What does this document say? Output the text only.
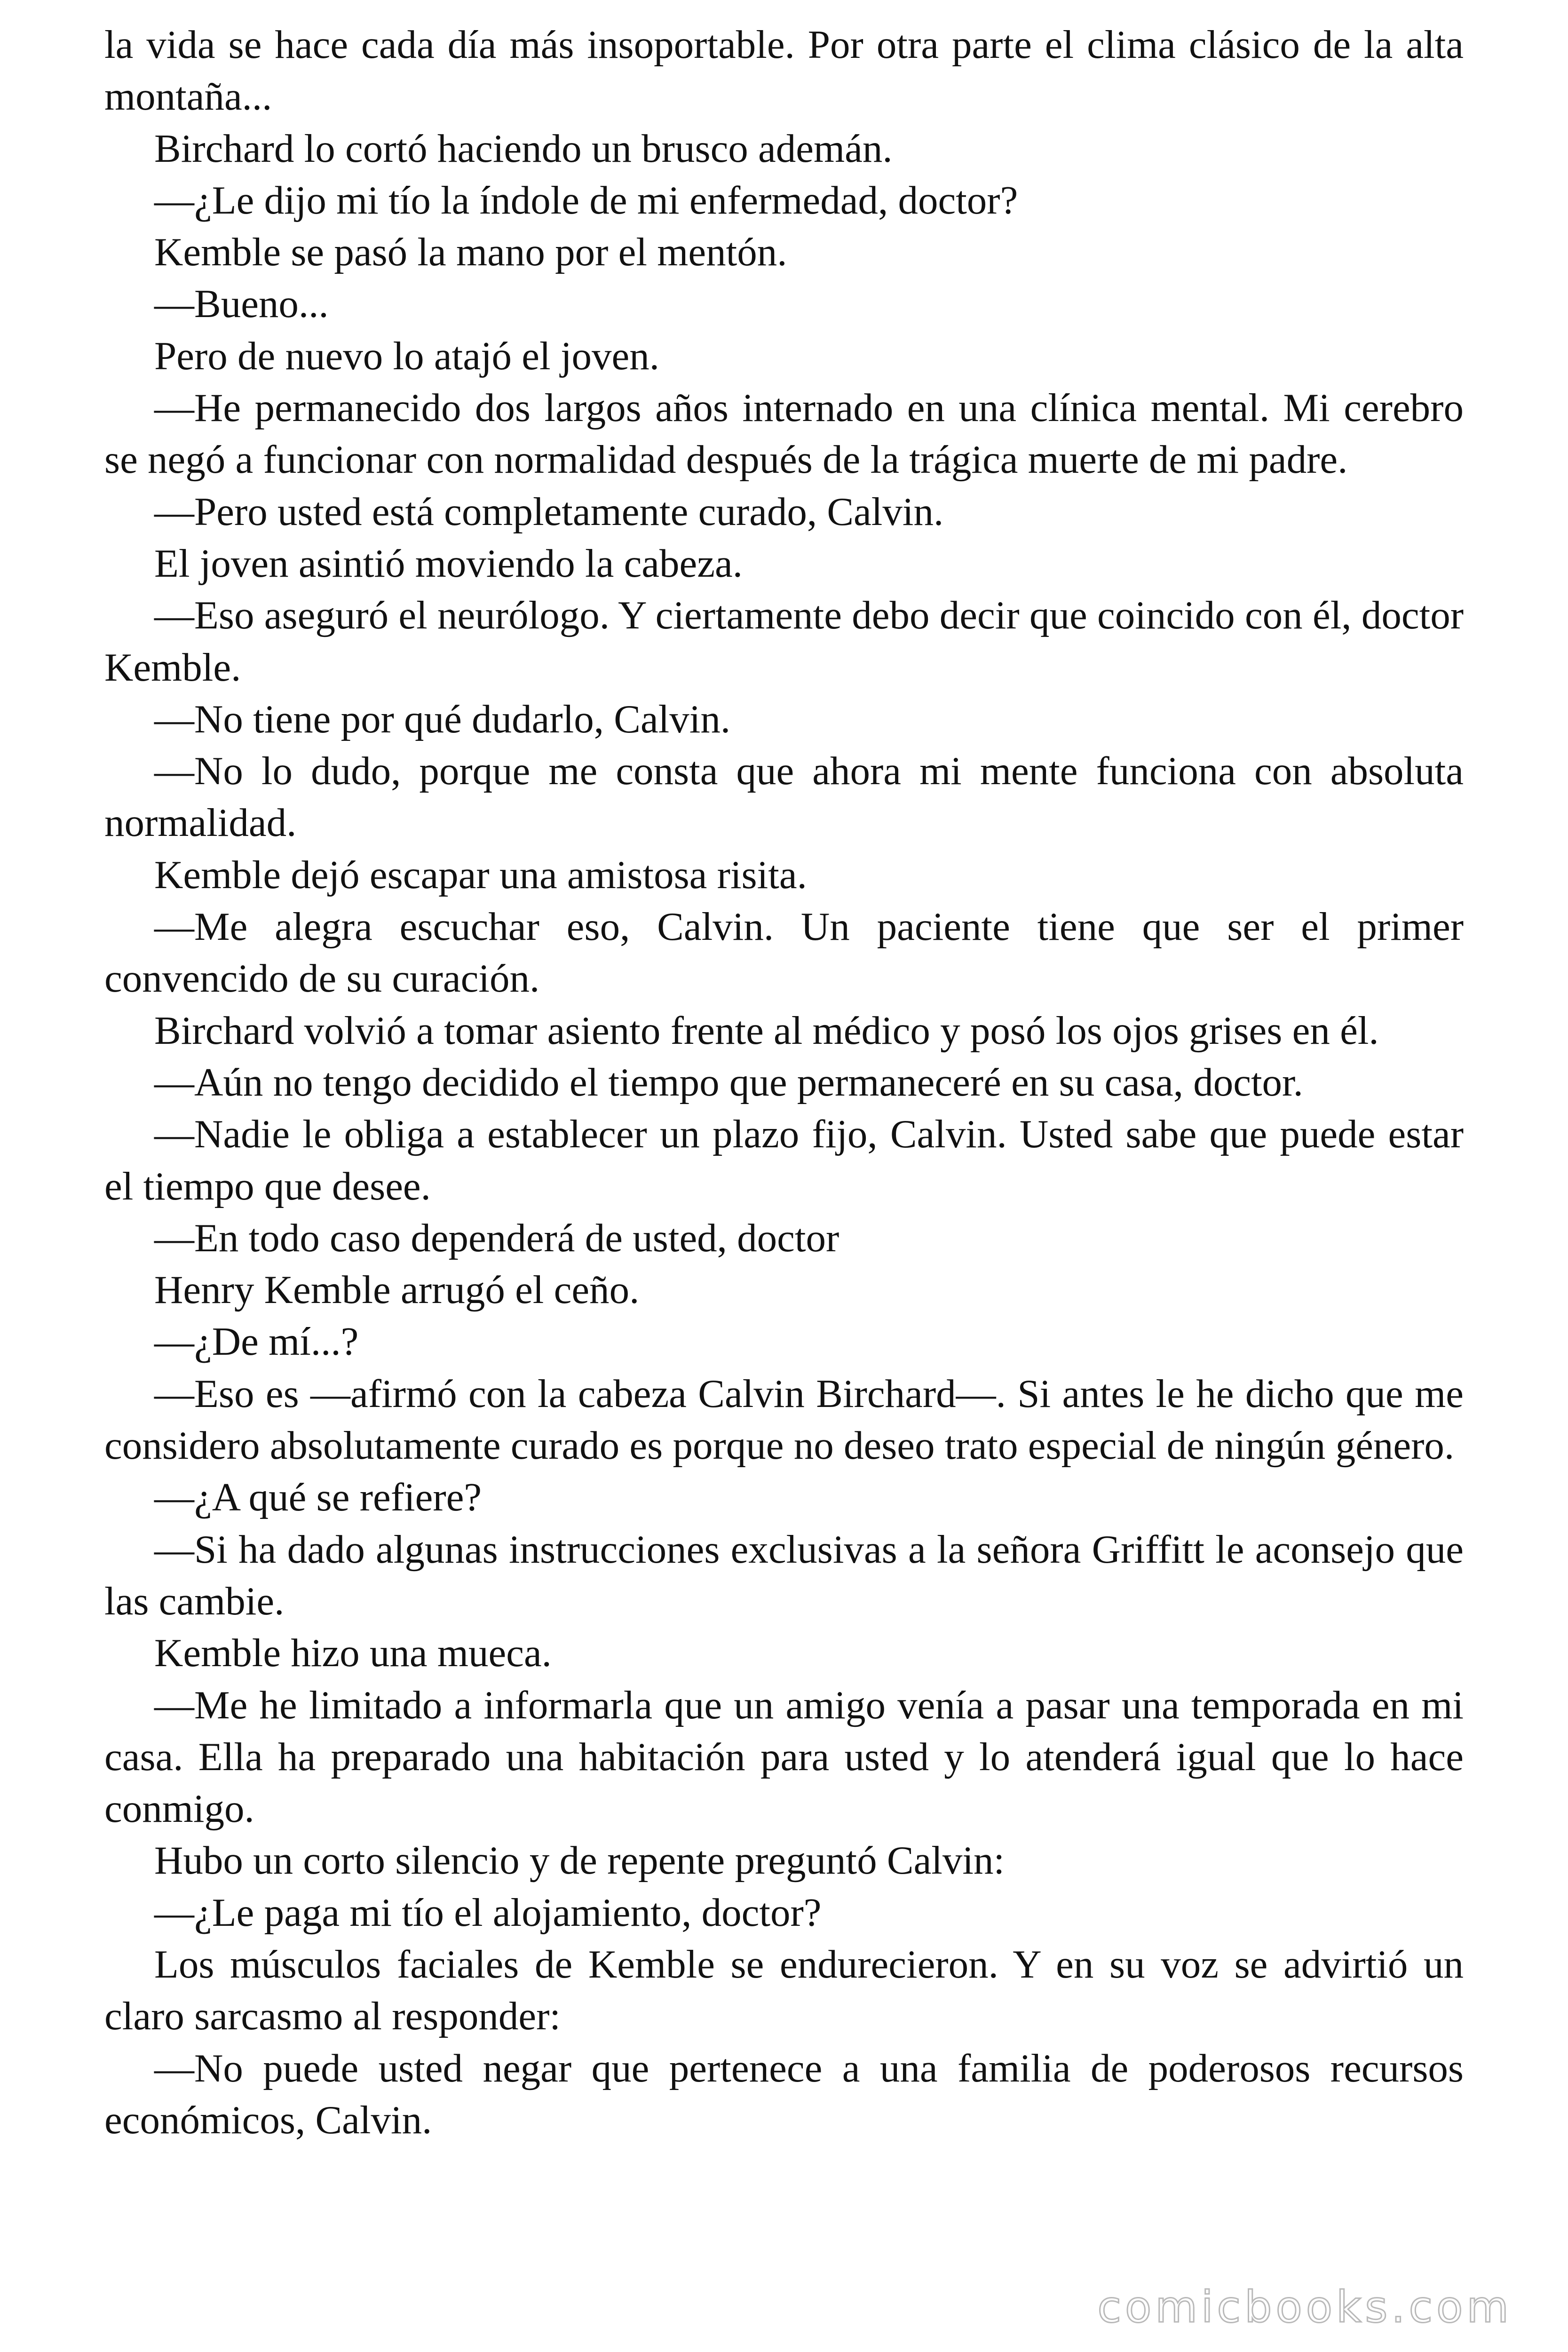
la vida se hace cada día más insoportable. Por otra parte el clima clásico de la alta montaña...

Birchard lo cortó haciendo un brusco ademán.

—¿Le dijo mi tío la índole de mi enfermedad, doctor?

Kemble se pasó la mano por el mentón.

—Bueno...

Pero de nuevo lo atajó el joven.

—He permanecido dos largos años internado en una clínica mental. Mi cerebro se negó a funcionar con normalidad después de la trágica muerte de mi padre.

—Pero usted está completamente curado, Calvin.

El joven asintió moviendo la cabeza.

—Eso aseguró el neurólogo. Y ciertamente debo decir que coincido con él, doctor Kemble.

—No tiene por qué dudarlo, Calvin.

—No lo dudo, porque me consta que ahora mi mente funciona con absoluta normalidad.

Kemble dejó escapar una amistosa risita.

—Me alegra escuchar eso, Calvin. Un paciente tiene que ser el primer convencido de su curación.

Birchard volvió a tomar asiento frente al médico y posó los ojos grises en él.

—Aún no tengo decidido el tiempo que permaneceré en su casa, doctor.

—Nadie le obliga a establecer un plazo fijo, Calvin. Usted sabe que puede estar el tiempo que desee.

—En todo caso dependerá de usted, doctor

Henry Kemble arrugó el ceño.

—¿De mí...?

—Eso es —afirmó con la cabeza Calvin Birchard—. Si antes le he dicho que me considero absolutamente curado es porque no deseo trato especial de ningún género.

—¿A qué se refiere?

—Si ha dado algunas instrucciones exclusivas a la señora Griffitt le aconsejo que las cambie.

Kemble hizo una mueca.

—Me he limitado a informarla que un amigo venía a pasar una temporada en mi casa. Ella ha preparado una habitación para usted y lo atenderá igual que lo hace conmigo.

Hubo un corto silencio y de repente preguntó Calvin:

—¿Le paga mi tío el alojamiento, doctor?

Los músculos faciales de Kemble se endurecieron. Y en su voz se advirtió un claro sarcasmo al responder:

—No puede usted negar que pertenece a una familia de poderosos recursos económicos, Calvin.

comicbooks.com
